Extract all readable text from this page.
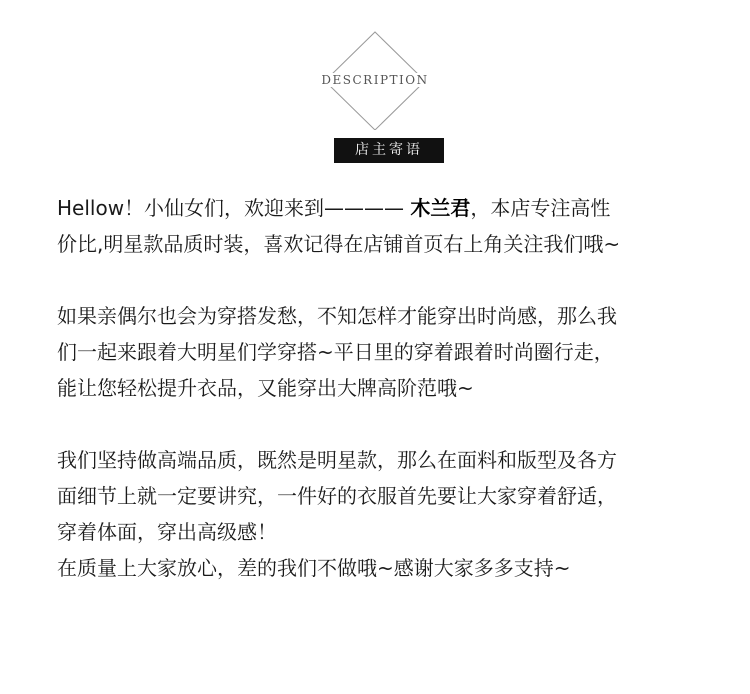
DESCRIPTION
店主寄语
Hellow！小仙女们，欢迎来到———— 木兰君，本店专注高性
价比,明星款品质时装，喜欢记得在店铺首页右上角关注我们哦~
如果亲偶尔也会为穿搭发愁，不知怎样才能穿出时尚感，那么我
们一起来跟着大明星们学穿搭~平日里的穿着跟着时尚圈行走，
能让您轻松提升衣品，又能穿出大牌高阶范哦~
我们坚持做高端品质，既然是明星款，那么在面料和版型及各方
面细节上就一定要讲究，一件好的衣服首先要让大家穿着舒适，
穿着体面，穿出高级感！
在质量上大家放心，差的我们不做哦~感谢大家多多支持~
